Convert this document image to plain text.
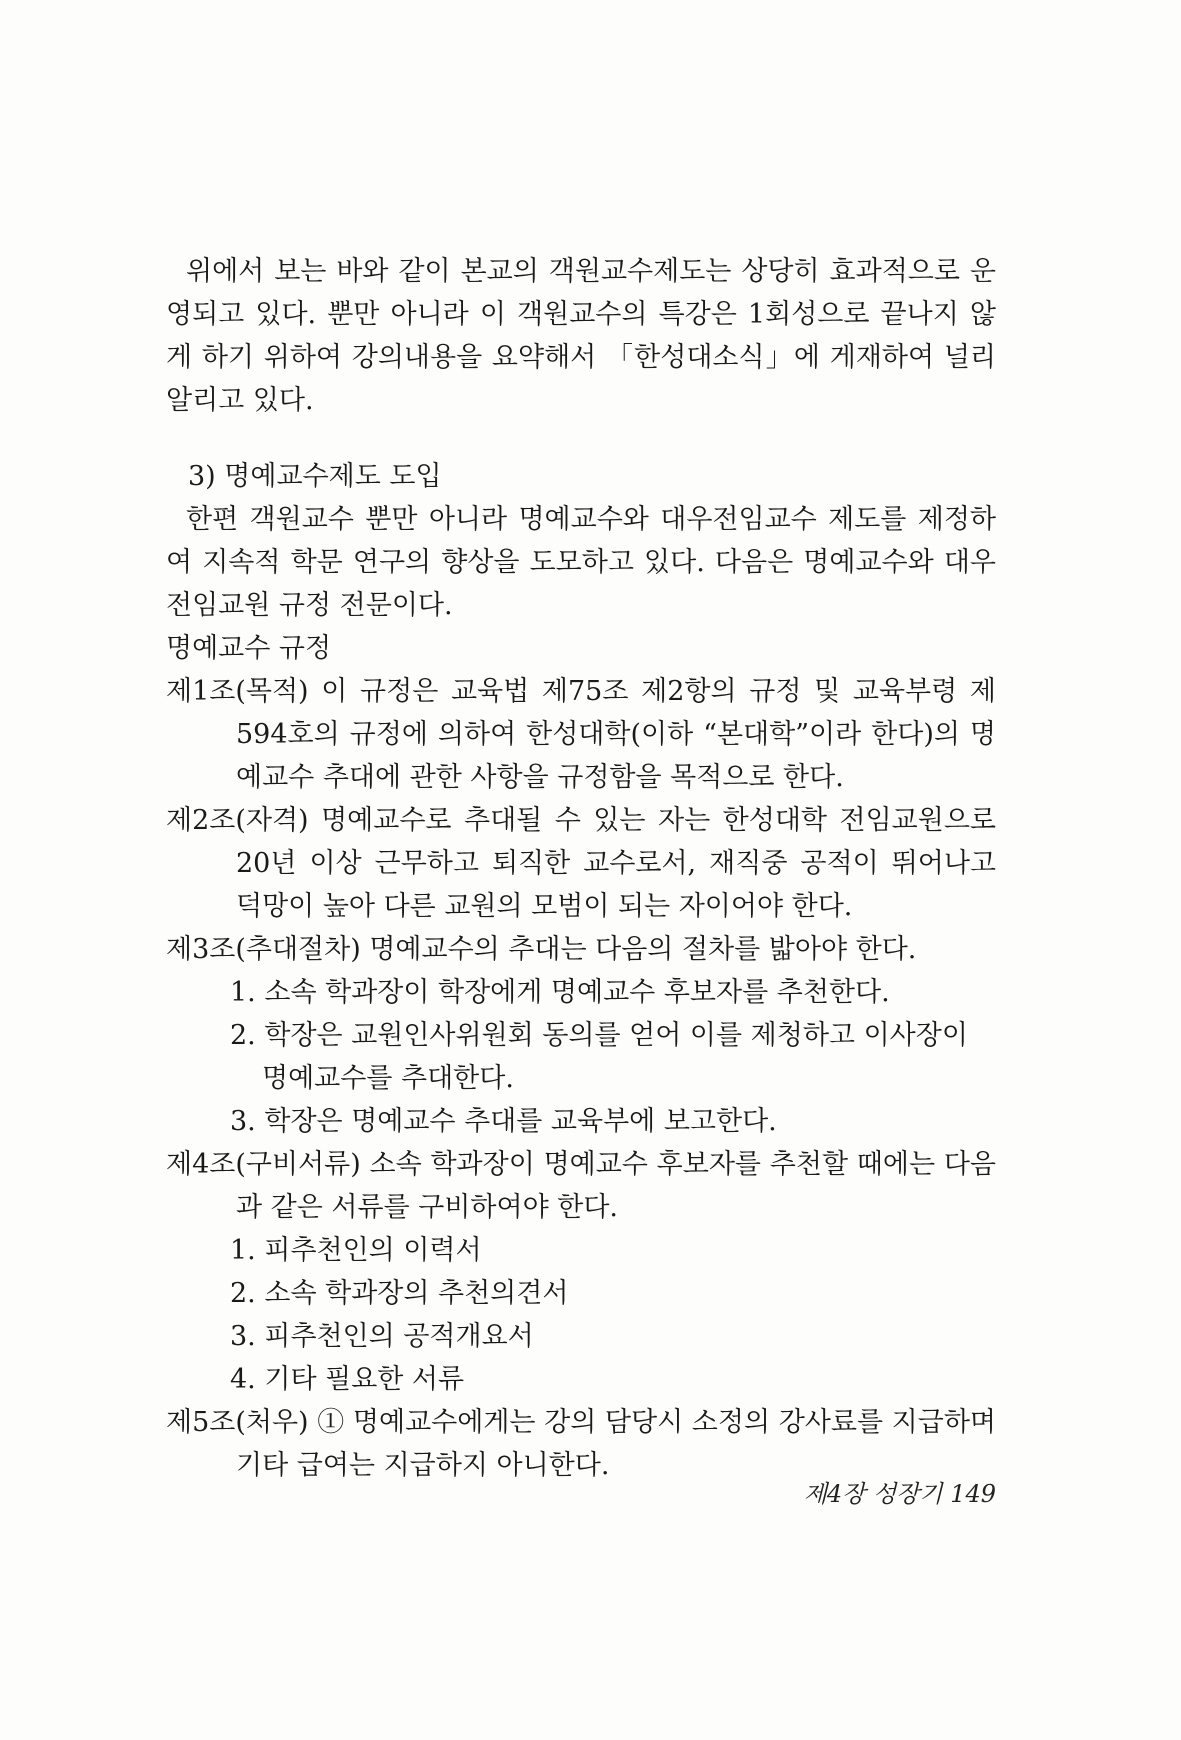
위에서 보는 바와 같이 본교의 객원교수제도는 상당히 효과적으로 운영되고 있다. 뿐만 아니라 이 객원교수의 특강은 1회성으로 끝나지 않게 하기 위하여 강의내용을 요약해서 「한성대소식」에 게재하여 널리 알리고 있다.

3) 명예교수제도 도입

한편 객원교수 뿐만 아니라 명예교수와 대우전임교수 제도를 제정하여 지속적 학문 연구의 향상을 도모하고 있다. 다음은 명예교수와 대우 전임교원 규정 전문이다.

명예교수 규정

제1조(목적) 이 규정은 교육법 제75조 제2항의 규정 및 교육부령 제594호의 규정에 의하여 한성대학(이하 “본대학”이라 한다)의 명예교수 추대에 관한 사항을 규정함을 목적으로 한다.

제2조(자격) 명예교수로 추대될 수 있는 자는 한성대학 전임교원으로 20년 이상 근무하고 퇴직한 교수로서, 재직중 공적이 뛰어나고 덕망이 높아 다른 교원의 모범이 되는 자이어야 한다.

제3조(추대절차) 명예교수의 추대는 다음의 절차를 밟아야 한다.

1. 소속 학과장이 학장에게 명예교수 후보자를 추천한다.
2. 학장은 교원인사위원회 동의를 얻어 이를 제청하고 이사장이 명예교수를 추대한다.
3. 학장은 명예교수 추대를 교육부에 보고한다.

제4조(구비서류) 소속 학과장이 명예교수 후보자를 추천할 때에는 다음과 같은 서류를 구비하여야 한다.

1. 피추천인의 이력서
2. 소속 학과장의 추천의견서
3. 피추천인의 공적개요서
4. 기타 필요한 서류

제5조(처우) ① 명예교수에게는 강의 담당시 소정의 강사료를 지급하며 기타 급여는 지급하지 아니한다.

제4장 성장기 149
